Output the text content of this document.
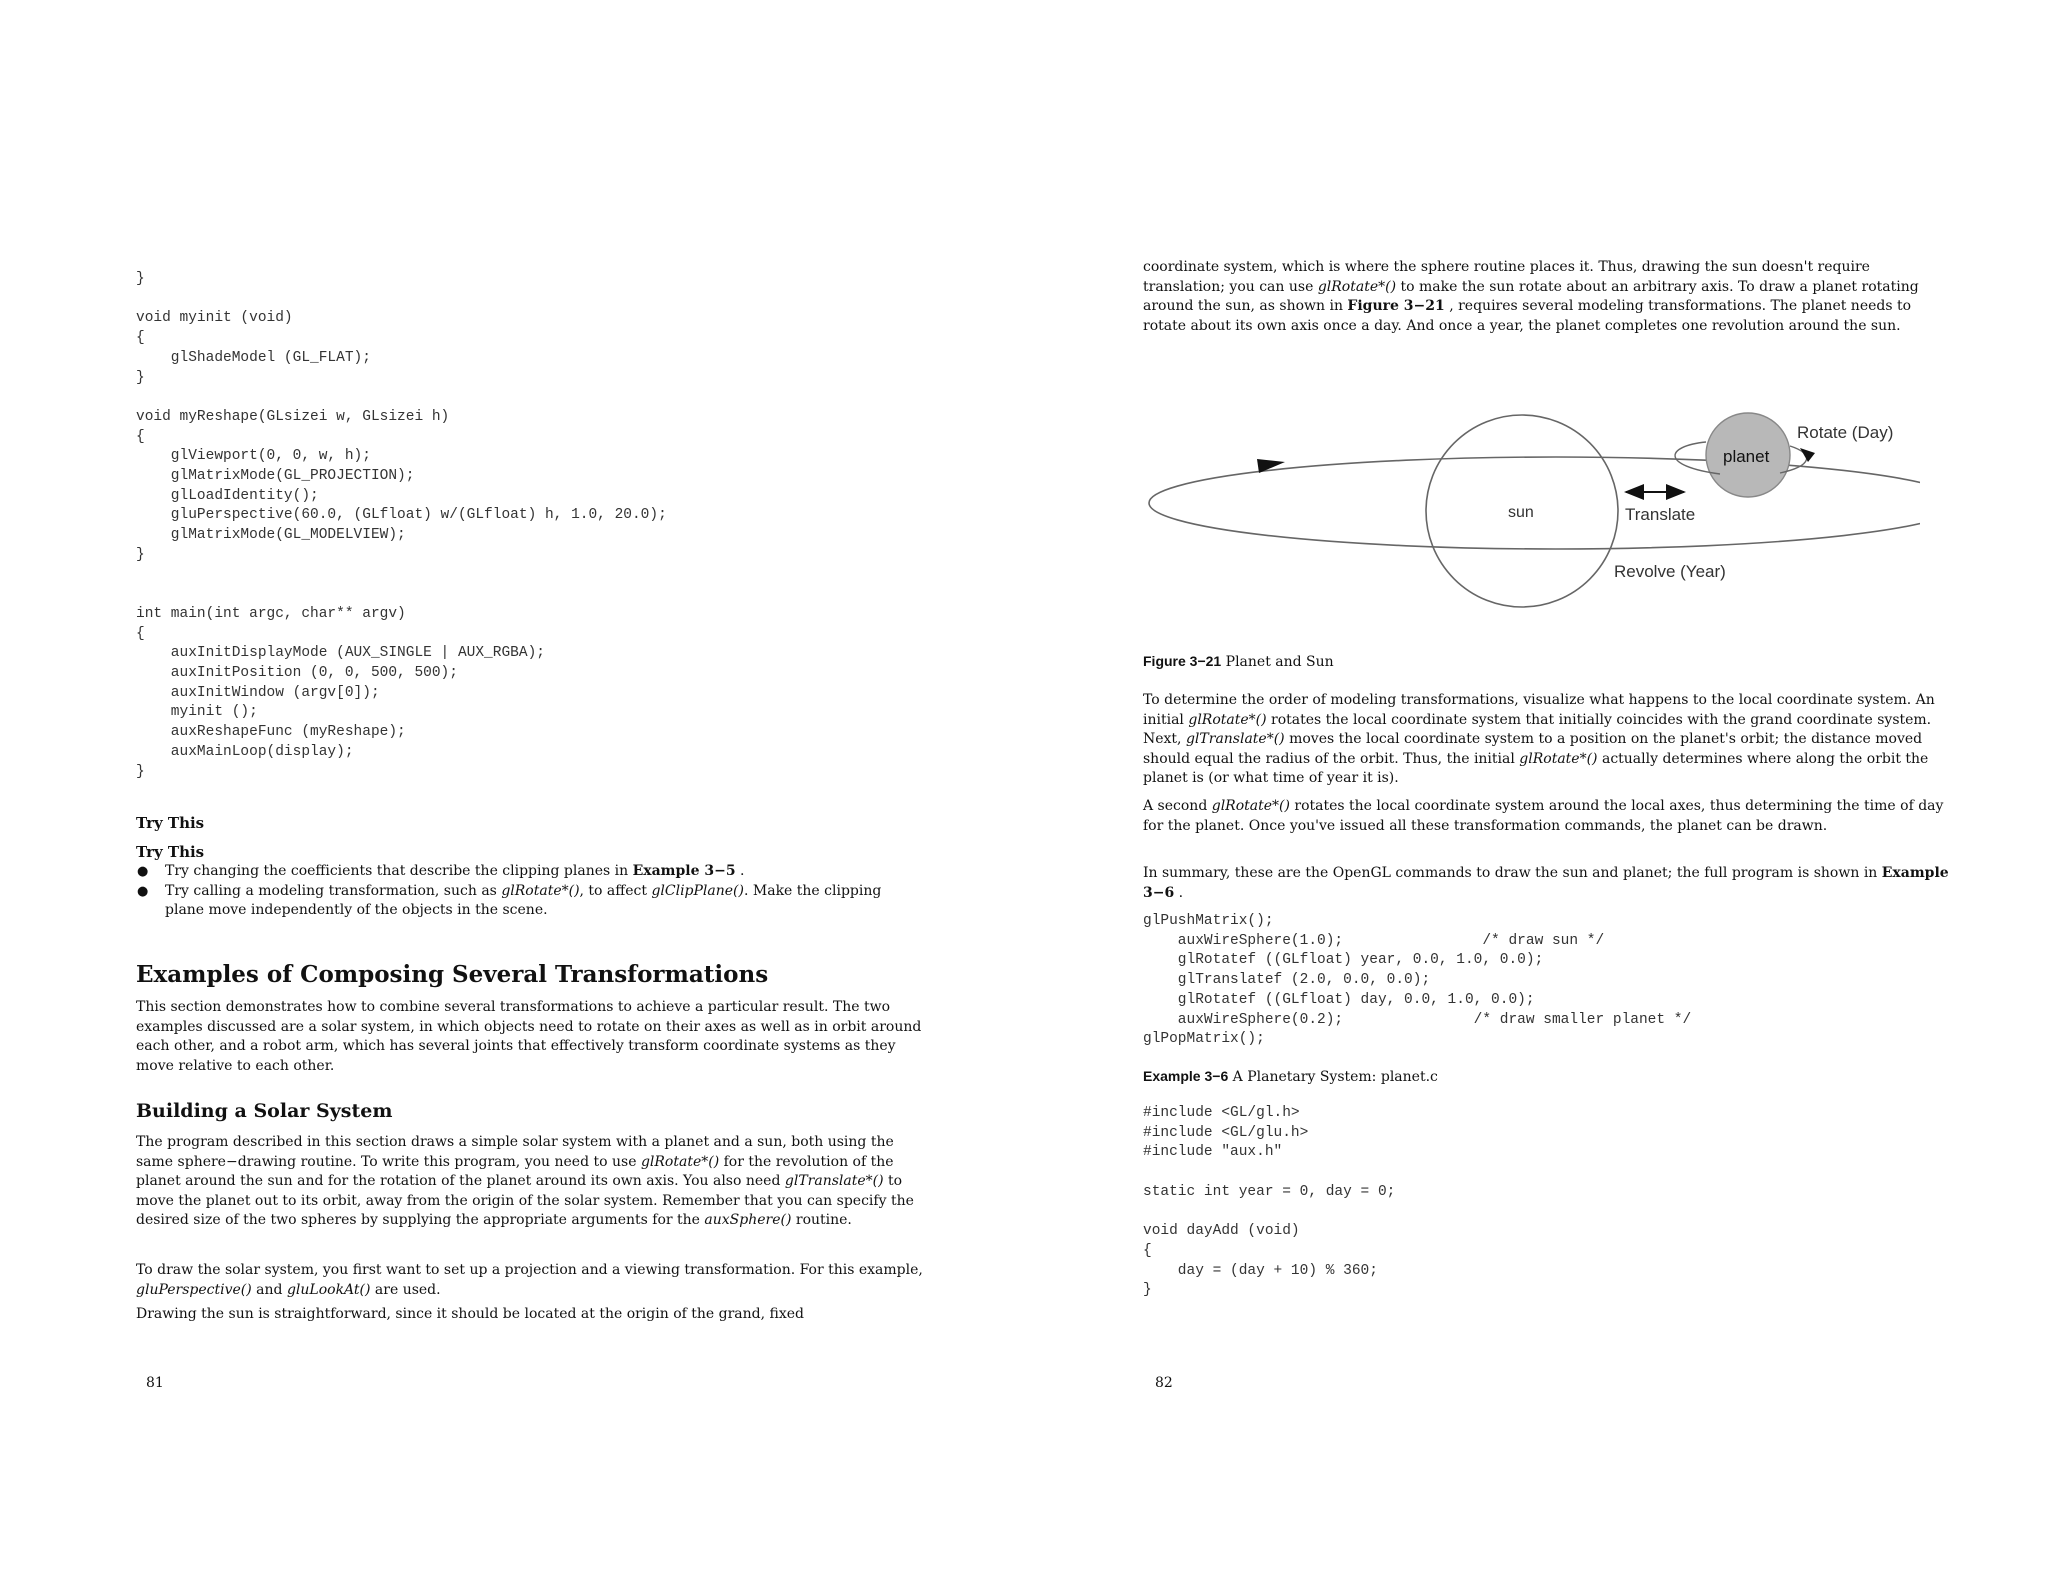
}

void myinit (void)
{
glShadeModel (GL_FLAT);
}

void myReshape(GLsizei w, GLsizei h)
{
glViewport(0, 0, w, h);
glMatrixMode(GL_PROJECTION);
glLoadIdentity();
gluPerspective(60.0, (GLfloat) w/(GLfloat) h, 1.0, 20.0);
glMatrixMode(GL_MODELVIEW);
}

int main(int argc, char** argv)
{
auxInitDisplayMode (AUX_SINGLE | AUX_RGBA);
auxInitPosition (0, 0, 500, 500);
auxInitWindow (argv[0]);
myinit ();
auxReshapeFunc (myReshape);
auxMainLoop(display);
}

Try This

Try This

● Try changing the coefficients that describe the clipping planes in Example 3−5 .
● Try calling a modeling transformation, such as glRotate*(), to affect glClipPlane(). Make the clipping plane move independently of the objects in the scene.
Examples of Composing Several Transformations

This section demonstrates how to combine several transformations to achieve a particular result. The two examples discussed are a solar system, in which objects need to rotate on their axes as well as in orbit around each other, and a robot arm, which has several joints that effectively transform coordinate systems as they move relative to each other.

Building a Solar System

The program described in this section draws a simple solar system with a planet and a sun, both using the same sphere−drawing routine. To write this program, you need to use glRotate*() for the revolution of the planet around the sun and for the rotation of the planet around its own axis. You also need glTranslate*() to move the planet out to its orbit, away from the origin of the solar system. Remember that you can specify the desired size of the two spheres by supplying the appropriate arguments for the auxSphere() routine.

To draw the solar system, you first want to set up a projection and a viewing transformation. For this example, gluPerspective() and gluLookAt() are used.

Drawing the sun is straightforward, since it should be located at the origin of the grand, fixed

81

coordinate system, which is where the sphere routine places it. Thus, drawing the sun doesn't require translation; you can use glRotate*() to make the sun rotate about an arbitrary axis. To draw a planet rotating around the sun, as shown in Figure 3−21 , requires several modeling transformations. The planet needs to rotate about its own axis once a day. And once a year, the planet completes one revolution around the sun.

sun	Translate
planet
Rotate (Day)
Revolve (Year)

Figure 3−21 Planet and Sun

To determine the order of modeling transformations, visualize what happens to the local coordinate system. An initial glRotate*() rotates the local coordinate system that initially coincides with the grand coordinate system. Next, glTranslate*() moves the local coordinate system to a position on the planet's orbit; the distance moved should equal the radius of the orbit. Thus, the initial glRotate*() actually determines where along the orbit the planet is (or what time of year it is).

A second glRotate*() rotates the local coordinate system around the local axes, thus determining the time of day for the planet. Once you've issued all these transformation commands, the planet can be drawn.

In summary, these are the OpenGL commands to draw the sun and planet; the full program is shown in Example 3−6 .

glPushMatrix();
auxWireSphere(1.0);                /* draw sun */
glRotatef ((GLfloat) year, 0.0, 1.0, 0.0);
glTranslatef (2.0, 0.0, 0.0);
glRotatef ((GLfloat) day, 0.0, 1.0, 0.0);
auxWireSphere(0.2);               /* draw smaller planet */
glPopMatrix();

Example 3−6 A Planetary System: planet.c

#include <GL/gl.h>
#include <GL/glu.h>
#include "aux.h"

static int year = 0, day = 0;

void dayAdd (void)
{
day = (day + 10) % 360;
}

82
